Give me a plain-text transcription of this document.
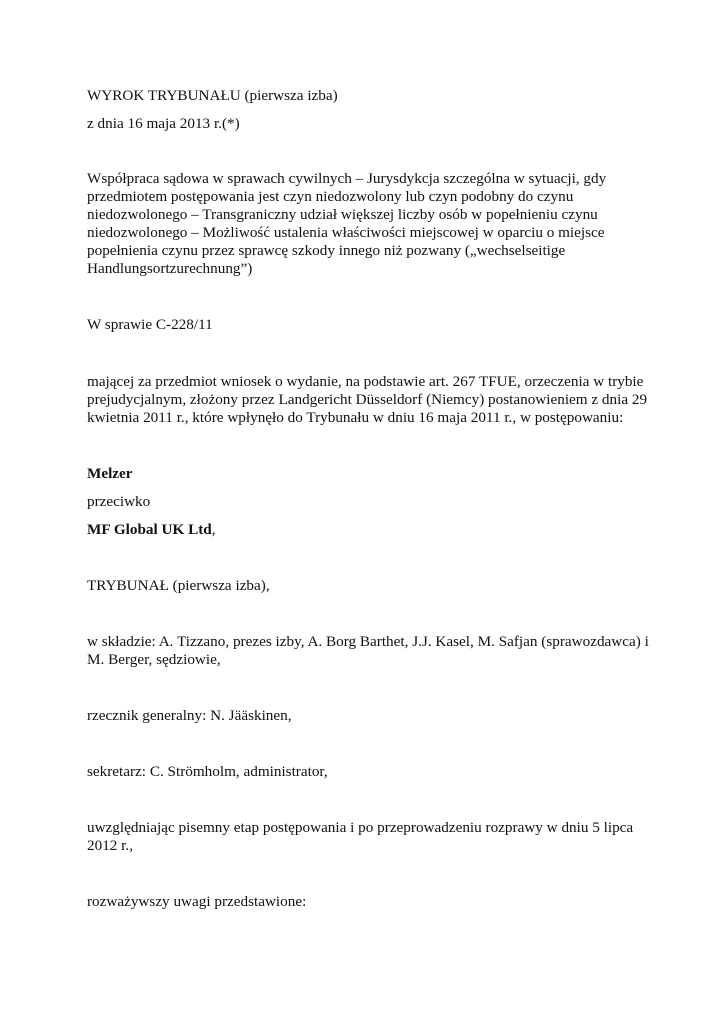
WYROK TRYBUNAŁU (pierwsza izba)

z dnia 16 maja 2013 r.(*)

Współpraca sądowa w sprawach cywilnych – Jurysdykcja szczególna w sytuacji, gdy

przedmiotem postępowania jest czyn niedozwolony lub czyn podobny do czynu

niedozwolonego – Transgraniczny udział większej liczby osób w popełnieniu czynu

niedozwolonego – Możliwość ustalenia właściwości miejscowej w oparciu o miejsce

popełnienia czynu przez sprawcę szkody innego niż pozwany („wechselseitige

Handlungsortzurechnung”)

W sprawie C‑228/11

mającej za przedmiot wniosek o wydanie, na podstawie art. 267 TFUE, orzeczenia w trybie

prejudycjalnym, złożony przez Landgericht Düsseldorf (Niemcy) postanowieniem z dnia 29

kwietnia 2011 r., które wpłynęło do Trybunału w dniu 16 maja 2011 r., w postępowaniu:

Melzer

przeciwko

MF Global UK Ltd,

TRYBUNAŁ (pierwsza izba),

w składzie: A. Tizzano, prezes izby, A. Borg Barthet, J.J. Kasel, M. Safjan (sprawozdawca) i

M. Berger, sędziowie,

rzecznik generalny: N. Jääskinen,

sekretarz: C. Strömholm, administrator,

uwzględniając pisemny etap postępowania i po przeprowadzeniu rozprawy w dniu 5 lipca

2012 r.,

rozważywszy uwagi przedstawione:
